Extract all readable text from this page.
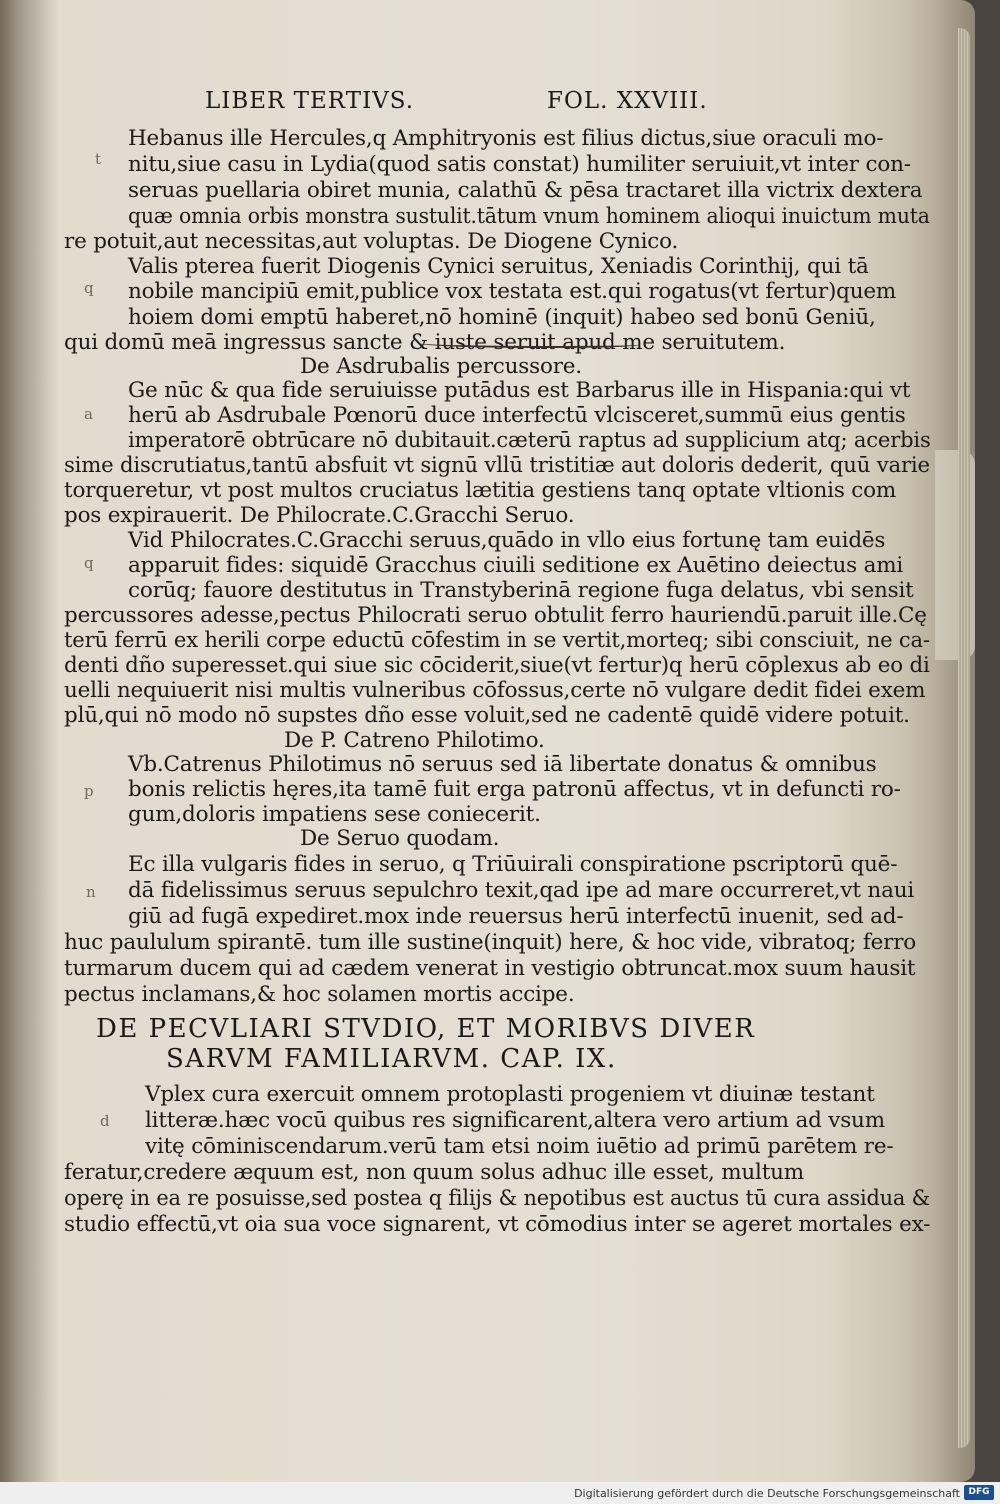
LIBER TERTIVS.	FOL. XXVIII.
t
q
a
q
p
n
d
Hebanus ille Hercules,q Amphitryonis est filius dictus,siue oraculi mo-
nitu,siue casu in Lydia(quod satis constat) humiliter seruiuit,vt inter con-
seruas puellaria obiret munia, calathū & pēsa tractaret illa victrix dextera
quæ omnia orbis monstra sustulit.tātum vnum hominem alioqui inuictum muta
re potuit,aut necessitas,aut voluptas. De Diogene Cynico.
Valis pterea fuerit Diogenis Cynici seruitus, Xeniadis Corinthij, qui tā
nobile mancipiū emit,publice vox testata est.qui rogatus(vt fertur)quem
hoiem domi emptū haberet,nō hominē (inquit) habeo sed bonū Geniū,
qui domū meā ingressus sancte & iuste seruit apud me seruitutem.
De Asdrubalis percussore.
Ge nūc & qua fide seruiuisse putādus est Barbarus ille in Hispania:qui vt
herū ab Asdrubale Pœnorū duce interfectū vlcisceret,summū eius gentis
imperatorē obtrūcare nō dubitauit.cæterū raptus ad supplicium atq; acerbis
sime discrutiatus,tantū absfuit vt signū vllū tristitiæ aut doloris dederit, quū varie
torqueretur, vt post multos cruciatus lætitia gestiens tanq optate vltionis com
pos expirauerit. De Philocrate.C.Gracchi Seruo.
Vid Philocrates.C.Gracchi seruus,quādo in vllo eius fortunę tam euidēs
apparuit fides: siquidē Gracchus ciuili seditione ex Auētino deiectus ami
corūq; fauore destitutus in Transtyberinā regione fuga delatus, vbi sensit
percussores adesse,pectus Philocrati seruo obtulit ferro hauriendū.paruit ille.Cę
terū ferrū ex herili corpe eductū cōfestim in se vertit,morteq; sibi consciuit, ne ca-
denti dño superesset.qui siue sic cōciderit,siue(vt fertur)q herū cōplexus ab eo di
uelli nequiuerit nisi multis vulneribus cōfossus,certe nō vulgare dedit fidei exem
plū,qui nō modo nō supstes dño esse voluit,sed ne cadentē quidē videre potuit.
De P. Catreno Philotimo.
Vb.Catrenus Philotimus nō seruus sed iā libertate donatus & omnibus
bonis relictis hęres,ita tamē fuit erga patronū affectus, vt in defuncti ro-
gum,doloris impatiens sese coniecerit.
De Seruo quodam.
Ec illa vulgaris fides in seruo, q Triūuirali conspiratione pscriptorū quē-
dā fidelissimus seruus sepulchro texit,qad ipe ad mare occurreret,vt naui
giū ad fugā expediret.mox inde reuersus herū interfectū inuenit, sed ad-
huc paululum spirantē. tum ille sustine(inquit) here, & hoc vide, vibratoq; ferro
turmarum ducem qui ad cædem venerat in vestigio obtruncat.mox suum hausit
pectus inclamans,& hoc solamen mortis accipe.
DE PECVLIARI STVDIO, ET MORIBVS DIVER
SARVM FAMILIARVM. CAP. IX.
Vplex cura exercuit omnem protoplasti progeniem vt diuinæ testant
litteræ.hæc vocū quibus res significarent,altera vero artium ad vsum
vitę cōminiscendarum.verū tam etsi noim iuētio ad primū parētem re-
feratur,credere æquum est, non quum solus adhuc ille esset, multum
operę in ea re posuisse,sed postea q filijs & nepotibus est auctus tū cura assidua &
studio effectū,vt oia sua voce signarent, vt cōmodius inter se ageret mortales ex-
Digitalisierung gefördert durch die Deutsche Forschungsgemeinschaft DFG
